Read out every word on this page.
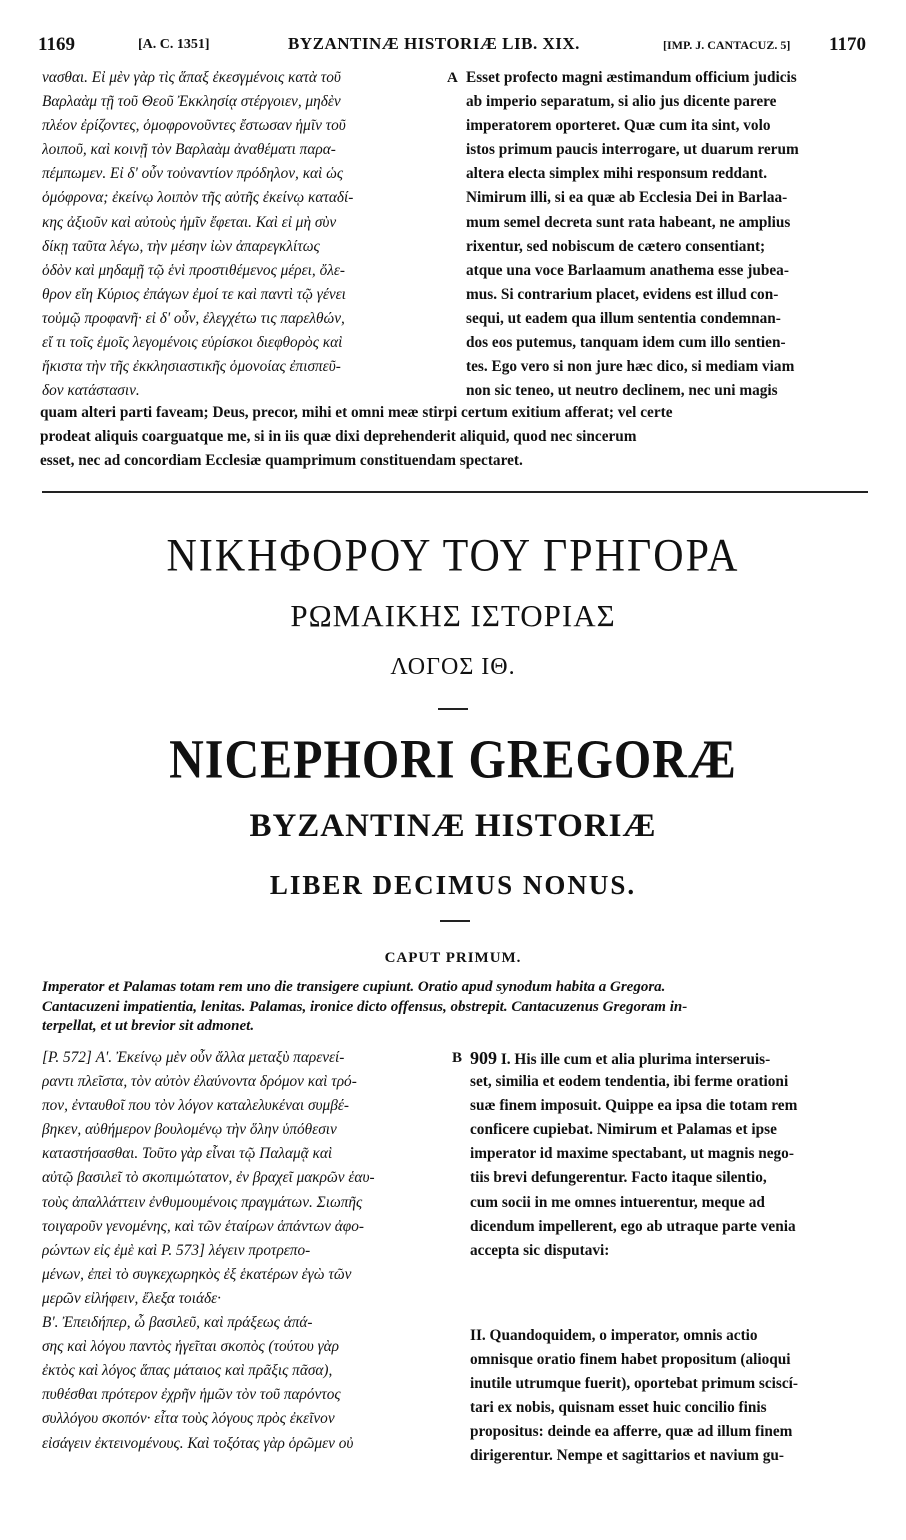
1169	[A. C. 1351]	BYZANTINÆ HISTORIÆ LIB. XIX.	[IMP. J. CANTACUZ. 5] 1170
νασθαι. Εἰ μὲν γὰρ τὶς ἅπαξ ἐκεσγμένοις κατὰ τοῦ
Βαρλαὰμ τῇ τοῦ Θεοῦ Ἐκκλησίᾳ στέργοιεν, μηδὲν
πλέον ἐρίζοντες, ὁμοφρονοῦντες ἔστωσαν ἡμῖν τοῦ
λοιποῦ, καὶ κοινῇ τὸν Βαρλαὰμ ἀναθέματι παρα-
πέμπωμεν. Εἰ δ' οὖν τοὐναντίον πρόδηλον, καὶ ὡς
ὁμόφρονα; ἐκείνῳ λοιπὸν τῆς αὐτῆς ἐκείνῳ καταδί-
κης ἀξιοῦν καὶ αὐτοὺς ἡμῖν ἔφεται. Καὶ εἰ μὴ σὺν
δίκῃ ταῦτα λέγω, τὴν μέσην ἰὼν ἀπαρεγκλίτως
ὁδὸν καὶ μηδαμῇ τῷ ἑνὶ προστιθέμενος μέρει, ὄλε-
θρον εἴη Κύριος ἐπάγων ἐμοί τε καὶ παντὶ τῷ γένει
τοὐμῷ προφανῆ· εἰ δ' οὖν, ἐλεγχέτω τις παρελθών,
εἴ τι τοῖς ἐμοῖς λεγομένοις εὑρίσκοι διεφθορὸς καὶ
ἥκιστα τὴν τῆς ἐκκλησιαστικῆς ὁμονοίας ἐπισπεῦ-
δον κατάστασιν.
A Esset profecto magni æstimandum officium judicis
ab imperio separatum, si alio jus dicente parere
imperatorem oporteret. Quæ cum ita sint, volo
istos primum paucis interrogare, ut duarum rerum
altera electa simplex mihi responsum reddant.
Nimirum illi, si ea quæ ab Ecclesia Dei in Barlaa-
mum semel decreta sunt rata habeant, ne amplius
rixentur, sed nobiscum de cætero consentiant;
atque una voce Barlaamum anathema esse jubea-
mus. Si contrarium placet, evidens est illud con-
sequi, ut eadem qua illum sententia condemnan-
dos eos putemus, tanquam idem cum illo sentien-
tes. Ego vero si non jure hæc dico, si mediam viam
non sic teneo, ut neutro declinem, nec uni magis
quam alteri parti faveam; Deus, precor, mihi et omni meæ stirpi certum exitium afferat; vel certe
prodeat aliquis coarguatque me, si in iis quæ dixi deprehenderit aliquid, quod nec sincerum
esset, nec ad concordiam Ecclesiæ quamprimum constituendam spectaret.
ΝΙΚΗΦΟΡΟΥ ΤΟΥ ΓΡΗΓΟΡΑ
ΡΩΜΑΙΚΗΣ ΙΣΤΟΡΙΑΣ
ΛΟΓΟΣ ΙΘ.
NICEPHORI GREGORÆ
BYZANTINÆ HISTORIÆ
LIBER DECIMUS NONUS.
CAPUT PRIMUM.
Imperator et Palamas totam rem uno die transigere cupiunt. Oratio apud synodum habita a Gregora.
Cantacuzeni impatientia, lenitas. Palamas, ironice dicto offensus, obstrepit. Cantacuzenus Gregoram in-
terpellat, et ut brevior sit admonet.
[P. 572] Α'. Ἐκείνῳ μὲν οὖν ἄλλα μεταξὺ παρενεί-
ραντι πλεῖστα, τὸν αὐτὸν ἐλαύνοντα δρόμον καὶ τρό-
πον, ἐνταυθοῖ που τὸν λόγον καταλελυκέναι συμβέ-
βηκεν, αὐθήμερον βουλομένῳ τὴν ὅλην ὑπόθεσιν
καταστήσασθαι. Τοῦτο γὰρ εἶναι τῷ Παλαμᾷ καὶ
αὐτῷ βασιλεῖ τὸ σκοπιμώτατον, ἐν βραχεῖ μακρῶν ἑαυ-
τοὺς ἀπαλλάττειν ἐνθυμουμένοις πραγμάτων. Σιωπῆς
τοιγαροῦν γενομένης, καὶ τῶν ἑταίρων ἁπάντων ἀφο-
ρώντων εἰς ἐμὲ καὶ P. 573] λέγειν προτρεπο-
μένων, ἐπεὶ τὸ συγκεχωρηκὸς ἐξ ἑκατέρων ἐγὼ τῶν
μερῶν εἰλήφειν, ἔλεξα τοιάδε·
Β'. Ἐπειδήπερ, ὦ βασιλεῦ, καὶ πράξεως ἁπά-
σης καὶ λόγου παντὸς ἡγεῖται σκοπὸς (τούτου γὰρ
ἐκτὸς καὶ λόγος ἅπας μάταιος καὶ πρᾶξις πᾶσα),
πυθέσθαι πρότερον ἐχρῆν ἡμῶν τὸν τοῦ παρόντος
συλλόγου σκοπόν· εἶτα τοὺς λόγους πρὸς ἐκεῖνον
εἰσάγειν ἐκτεινομένους. Καὶ τοξότας γὰρ ὁρῶμεν οὐ
B 909 I. His ille cum et alia plurima interseruis-
set, similia et eodem tendentia, ibi ferme orationi
suæ finem imposuit. Quippe ea ipsa die totam rem
conficere cupiebat. Nimirum et Palamas et ipse
imperator id maxime spectabant, ut magnis nego-
tiis brevi defungerentur. Facto itaque silentio,
cum socii in me omnes intuerentur, meque ad
dicendum impellerent, ego ab utraque parte venia
accepta sic disputavi:
II. Quandoquidem, o imperator, omnis actio
omnisque oratio finem habet propositum (alioqui
inutile utrumque fuerit), oportebat primum sciscí-
tari ex nobis, quisnam esset huic concilio finis
propositus: deinde ea afferre, quæ ad illum finem
dirigerentur. Nempe et sagittarios et navium gu-
